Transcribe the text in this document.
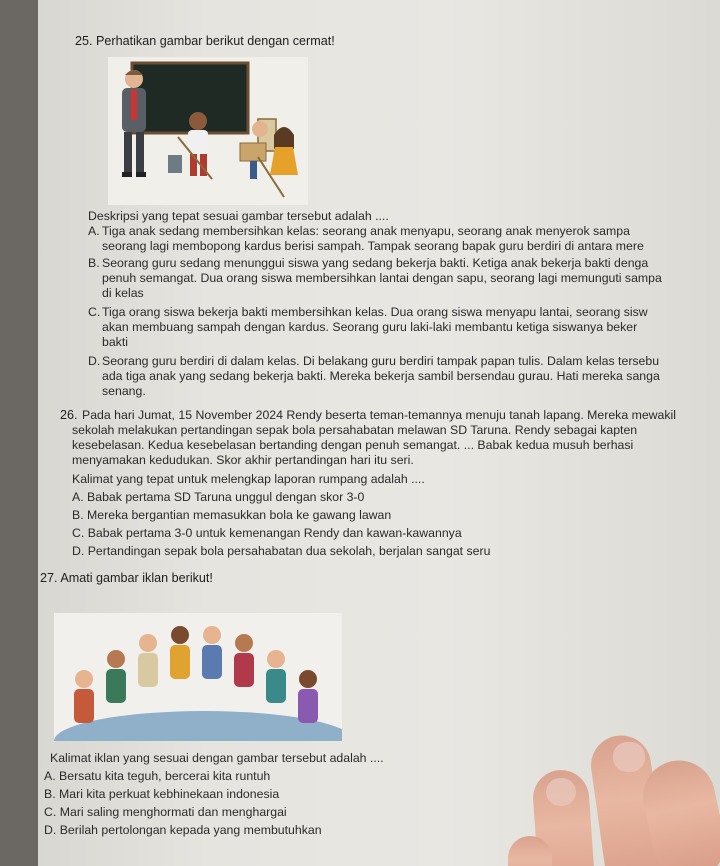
25. Perhatikan gambar berikut dengan cermat!
Deskripsi yang tepat sesuai gambar tersebut adalah ....
A. Tiga anak sedang membersihkan kelas: seorang anak menyapu, seorang anak menyerok sampa
seorang lagi membopong kardus berisi sampah. Tampak seorang bapak guru berdiri di antara mere
B. Seorang guru sedang menunggui siswa yang sedang bekerja bakti. Ketiga anak bekerja bakti denga
penuh semangat. Dua orang siswa membersihkan lantai dengan sapu, seorang lagi memunguti sampa
di kelas
C. Tiga orang siswa bekerja bakti membersihkan kelas. Dua orang siswa menyapu lantai, seorang sisw
akan membuang sampah dengan kardus. Seorang guru laki-laki membantu ketiga siswanya beker
bakti
D. Seorang guru berdiri di dalam kelas. Di belakang guru berdiri tampak papan tulis. Dalam kelas tersebu
ada tiga anak yang sedang bekerja bakti. Mereka bekerja sambil bersendau gurau. Hati mereka sanga
senang.
26. Pada hari Jumat, 15 November 2024 Rendy beserta teman-temannya menuju tanah lapang. Mereka mewakil
sekolah melakukan pertandingan sepak bola persahabatan melawan SD Taruna. Rendy sebagai kapten
kesebelasan. Kedua kesebelasan bertanding dengan penuh semangat. ... Babak kedua musuh berhasi
menyamakan kedudukan. Skor akhir pertandingan hari itu seri.
Kalimat yang tepat untuk melengkap laporan rumpang adalah ....
A. Babak pertama SD Taruna unggul dengan skor 3-0
B. Mereka bergantian memasukkan bola ke gawang lawan
C. Babak pertama 3-0 untuk kemenangan Rendy dan kawan-kawannya
D. Pertandingan sepak bola persahabatan dua sekolah, berjalan sangat seru
27. Amati gambar iklan berikut!
Kalimat iklan yang sesuai dengan gambar tersebut adalah ....
A. Bersatu kita teguh, bercerai kita runtuh
B. Mari kita perkuat kebhinekaan indonesia
C. Mari saling menghormati dan menghargai
D. Berilah pertolongan kepada yang membutuhkan
